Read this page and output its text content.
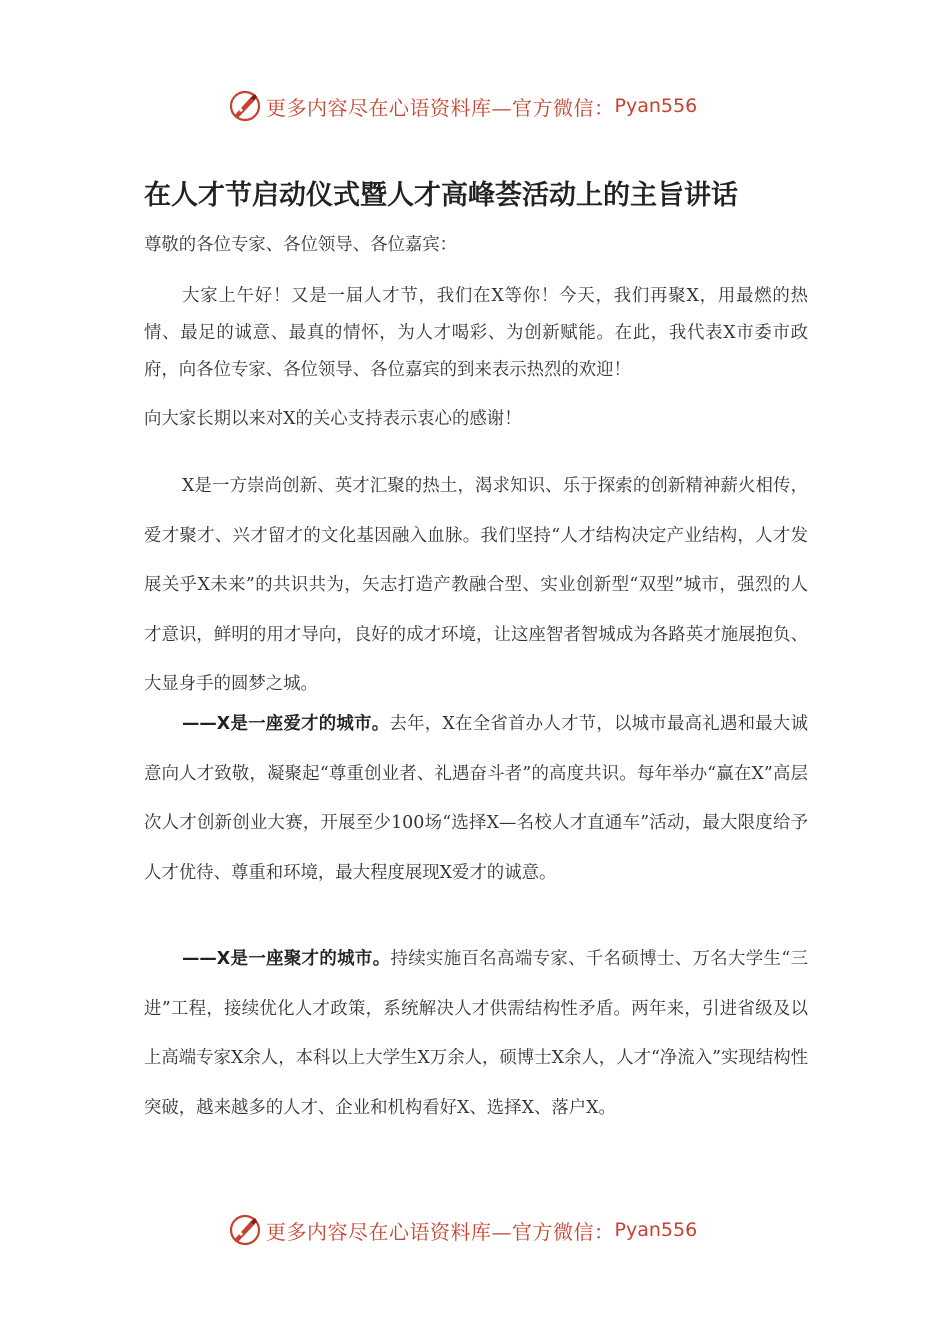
更多内容尽在心语资料库—官方微信： Pyan556
在人才节启动仪式暨人才高峰荟活动上的主旨讲话

尊敬的各位专家、各位领导、各位嘉宾：

大家上午好！又是一届人才节，我们在X等你！今天，我们再聚X，用最燃的热情、最足的诚意、最真的情怀，为人才喝彩、为创新赋能。在此，我代表X市委市政府，向各位专家、各位领导、各位嘉宾的到来表示热烈的欢迎！

向大家长期以来对X的关心支持表示衷心的感谢！

X是一方崇尚创新、英才汇聚的热土，渴求知识、乐于探索的创新精神薪火相传，爱才聚才、兴才留才的文化基因融入血脉。我们坚持“人才结构决定产业结构，人才发展关乎X未来”的共识共为，矢志打造产教融合型、实业创新型“双型”城市，强烈的人才意识，鲜明的用才导向，良好的成才环境，让这座智者智城成为各路英才施展抱负、大显身手的圆梦之城。

——X是一座爱才的城市。去年，X在全省首办人才节，以城市最高礼遇和最大诚意向人才致敬，凝聚起“尊重创业者、礼遇奋斗者”的高度共识。每年举办“赢在X”高层次人才创新创业大赛，开展至少100场“选择X—名校人才直通车”活动，最大限度给予人才优待、尊重和环境，最大程度展现X爱才的诚意。

——X是一座聚才的城市。持续实施百名高端专家、千名硕博士、万名大学生“三进”工程，接续优化人才政策，系统解决人才供需结构性矛盾。两年来，引进省级及以上高端专家X余人，本科以上大学生X万余人，硕博士X余人，人才“净流入”实现结构性突破，越来越多的人才、企业和机构看好X、选择X、落户X。

更多内容尽在心语资料库—官方微信： Pyan556
